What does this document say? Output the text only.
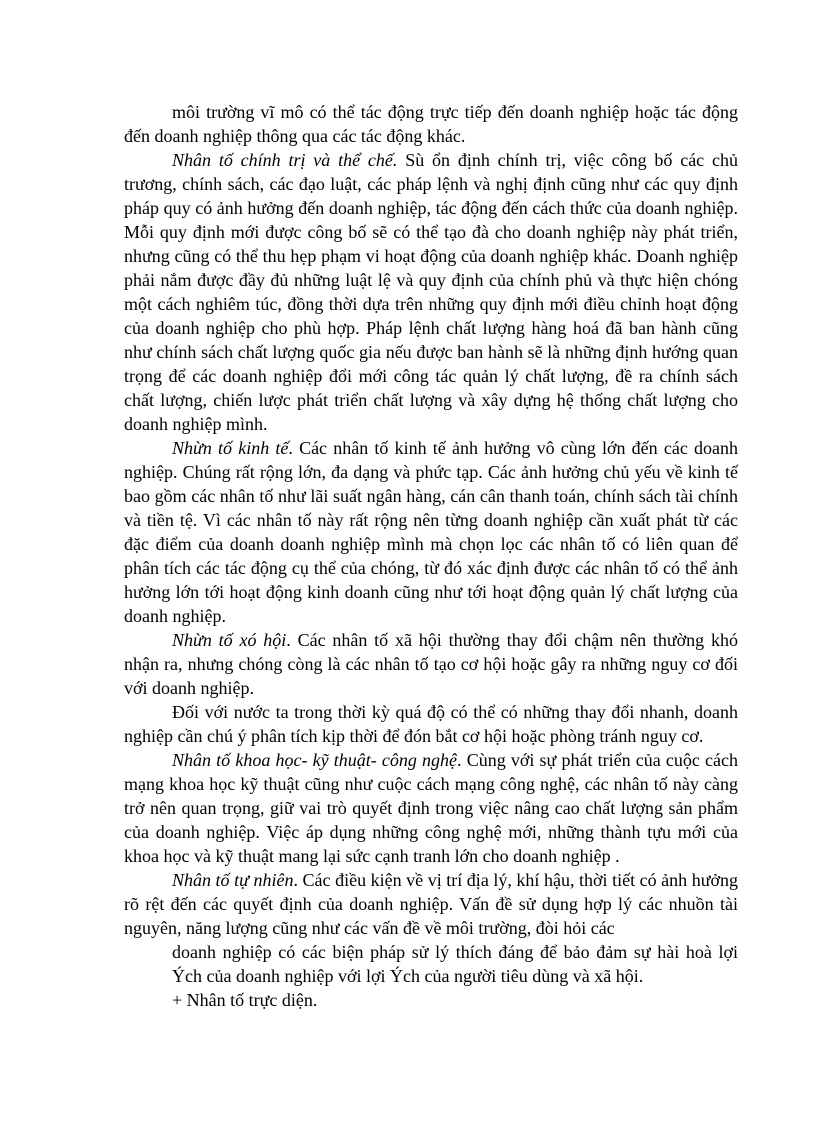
môi trường vĩ mô có thể tác động trực tiếp đến doanh nghiệp hoặc tác động đến doanh nghiệp thông qua các tác động khác.

Nhân tố chính trị và thể chế. Sù ổn định chính trị, việc công bố các chủ trương, chính sách, các đạo luật, các pháp lệnh và nghị định cũng như các quy định pháp quy có ảnh hưởng đến doanh nghiệp, tác động đến cách thức của doanh nghiệp. Mỗi quy định mới được công bố sẽ có thể tạo đà cho doanh nghiệp này phát triển, nhưng cũng có thể thu hẹp phạm vi hoạt động của doanh nghiệp khác. Doanh nghiệp phải nắm được đầy đủ những luật lệ và quy định của chính phủ và thực hiện chóng một cách nghiêm túc, đồng thời dựa trên những quy định mới điều chỉnh hoạt động của doanh nghiệp cho phù hợp. Pháp lệnh chất lượng hàng hoá đã ban hành cũng như chính sách chất lượng quốc gia nếu được ban hành sẽ là những định hướng quan trọng để các doanh nghiệp đổi mới công tác quản lý chất lượng, đề ra chính sách chất lượng, chiến lược phát triển chất lượng và xây dựng hệ thống chất lượng cho doanh nghiệp mình.

Nhừn tố kinh tế. Các nhân tố kinh tế ảnh hưởng vô cùng lớn đến các doanh nghiệp. Chúng rất rộng lớn, đa dạng và phức tạp. Các ảnh hưởng chủ yếu về kinh tế bao gồm các nhân tố như lãi suất ngân hàng, cán cân thanh toán, chính sách tài chính và tiền tệ. Vì các nhân tố này rất rộng nên từng doanh nghiệp cần xuất phát từ các đặc điểm của doanh doanh nghiệp mình mà chọn lọc các nhân tố có liên quan để phân tích các tác động cụ thể của chóng, từ đó xác định được các nhân tố có thể ảnh hưởng lớn tới hoạt động kinh doanh cũng như tới hoạt động quản lý chất lượng của doanh nghiệp.

Nhừn tố xó hội. Các nhân tố xã hội thường thay đổi chậm nên thường khó nhận ra, nhưng chóng còng là các nhân tố tạo cơ hội hoặc gây ra những nguy cơ đối với doanh nghiệp.

Đối với nước ta trong thời kỳ quá độ có thể có những thay đổi nhanh, doanh nghiệp cần chú ý phân tích kịp thời để đón bắt cơ hội hoặc phòng tránh nguy cơ.

Nhân tố khoa học- kỹ thuật- công nghệ. Cùng với sự phát triển của cuộc cách mạng khoa học kỹ thuật cũng như cuộc cách mạng công nghệ, các nhân tố này càng trở nên quan trọng, giữ vai trò quyết định trong việc nâng cao chất lượng sản phẩm của doanh nghiệp. Việc áp dụng những công nghệ mới, những thành tựu mới của khoa học và kỹ thuật mang lại sức cạnh tranh lớn cho doanh nghiệp .

Nhân tố tự nhiên. Các điều kiện về vị trí địa lý, khí hậu, thời tiết có ảnh hưởng rõ rệt đến các quyết định của doanh nghiệp. Vấn đề sử dụng hợp lý các nhuồn tài nguyên, năng lượng cũng như các vấn đề về môi trường, đòi hỏi các

doanh nghiệp có các biện pháp sử lý thích đáng để bảo đảm sự hài hoà lợi Ých của doanh nghiệp với lợi Ých của người tiêu dùng và xã hội.

+ Nhân tố trực diện.
